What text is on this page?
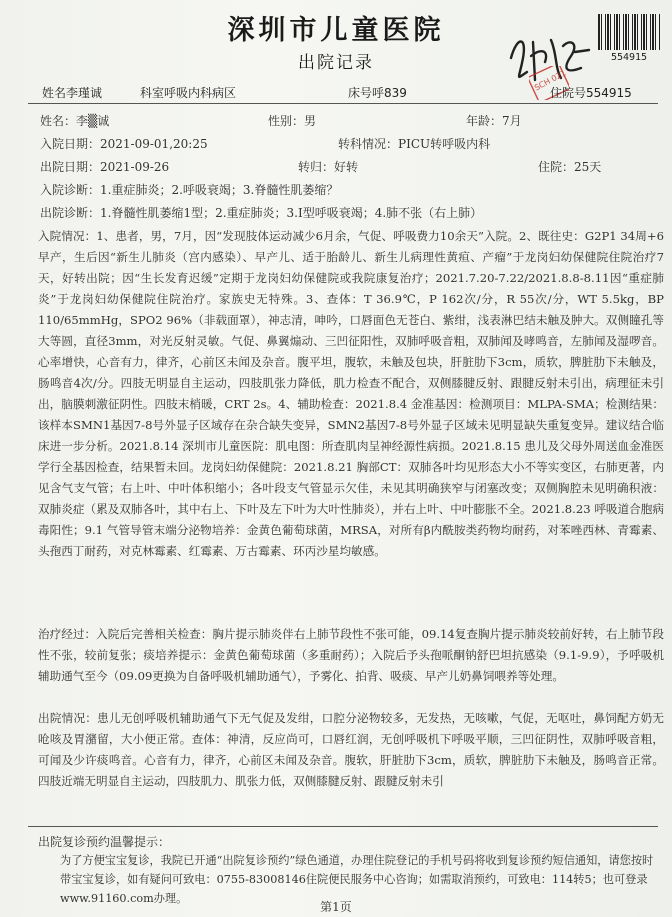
深圳市儿童医院
出院记录	554915
SCH 021
姓名李瑾诚	科室呼吸内科病区	床号呼839	住院号554915
姓名：李▒诚	性别：男	年龄：7月
入院日期：2021-09-01,20:25	转科情况：PICU转呼吸内科
出院日期：2021-09-26	转归：好转	住院：25天
入院诊断：1.重症肺炎；2.呼吸衰竭；3.脊髓性肌萎缩？
出院诊断：1.脊髓性肌萎缩1型；2.重症肺炎；3.Ⅰ型呼吸衰竭；4.肺不张（右上肺）

入院情况：1、患者，男，7月，因“发现肢体运动减少6月余，气促、呼吸费力10余天”入院。2、既往史：G2P1 34周+6早产，生后因“新生儿肺炎（宫内感染）、早产儿、适于胎龄儿、新生儿病理性黄疸、产瘤”于龙岗妇幼保健院住院治疗7天，好转出院；因“生长发育迟缓”定期于龙岗妇幼保健院或我院康复治疗；2021.7.20-7.22/2021.8.8-8.11因“重症肺炎”于龙岗妇幼保健院住院治疗。家族史无特殊。3、查体：T 36.9℃，P 162次/分，R 55次/分，WT 5.5kg，BP 110/65mmHg，SPO2 96%（非载面罩），神志清，呻吟，口唇面色无苍白、紫绀，浅表淋巴结未触及肿大。双侧瞳孔等大等圆，直径3mm，对光反射灵敏。气促、鼻翼煽动、三凹征阳性，双肺呼吸音粗，双肺闻及哮鸣音，左肺闻及湿啰音。心率增快，心音有力，律齐，心前区未闻及杂音。腹平坦，腹软，未触及包块，肝脏肋下3cm，质软，脾脏肋下未触及，肠鸣音4次/分。四肢无明显自主运动，四肢肌张力降低，肌力检查不配合，双侧膝腱反射、跟腱反射未引出，病理征未引出，脑膜刺激征阴性。四肢末梢暖，CRT 2s。4、辅助检查：2021.8.4 金准基因：检测项目：MLPA-SMA；检测结果：该样本SMN1基因7-8号外显子区域存在杂合缺失变异，SMN2基因7-8号外显子区域未见明显缺失重复变异。建议结合临床进一步分析。2021.8.14 深圳市儿童医院：肌电图：所查肌肉呈神经源性病损。2021.8.15 患儿及父母外周送血金准医学行全基因检查，结果暂未回。龙岗妇幼保健院：2021.8.21 胸部CT：双肺各叶均见形态大小不等实变区，右肺更著，内见含气支气管；右上叶、中叶体积缩小；各叶段支气管显示欠佳，未见其明确狭窄与闭塞改变；双侧胸腔未见明确积液：双肺炎症（累及双肺各叶，其中右上、下叶及左下叶为大叶性肺炎），并右上叶、中叶膨胀不全。2021.8.23 呼吸道合胞病毒阳性；9.1 气管导管末端分泌物培养：金黄色葡萄球菌，MRSA，对所有β内酰胺类药物均耐药，对苯唑西林、青霉素、头孢西丁耐药，对克林霉素、红霉素、万古霉素、环丙沙星均敏感。

治疗经过：入院后完善相关检查：胸片提示肺炎伴右上肺节段性不张可能，09.14复查胸片提示肺炎较前好转，右上肺节段性不张，较前复张；痰培养提示：金黄色葡萄球菌（多重耐药）；入院后予头孢哌酮钠舒巴坦抗感染（9.1-9.9），予呼吸机辅助通气至今（09.09更换为自备呼吸机辅助通气），予雾化、拍背、吸痰、早产儿奶鼻饲喂养等处理。

出院情况：患儿无创呼吸机辅助通气下无气促及发绀，口腔分泌物较多，无发热，无咳嗽，气促，无呕吐，鼻饲配方奶无呛咳及胃潴留，大小便正常。查体：神清，反应尚可，口唇红润，无创呼吸机下呼吸平顺，三凹征阴性，双肺呼吸音粗，可闻及少许痰鸣音。心音有力，律齐，心前区未闻及杂音。腹软，肝脏肋下3cm，质软，脾脏肋下未触及，肠鸣音正常。四肢近端无明显自主运动，四肢肌力、肌张力低，双侧膝腱反射、跟腱反射未引

出院复诊预约温馨提示：
为了方便宝宝复诊，我院已开通“出院复诊预约”绿色通道，办理住院登记的手机号码将收到复诊预约短信通知，请您按时带宝宝复诊，如有疑问可致电：0755-83008146住院便民服务中心咨询；如需取消预约，可致电：114转5；也可登录www.91160.com办理。
第1页
